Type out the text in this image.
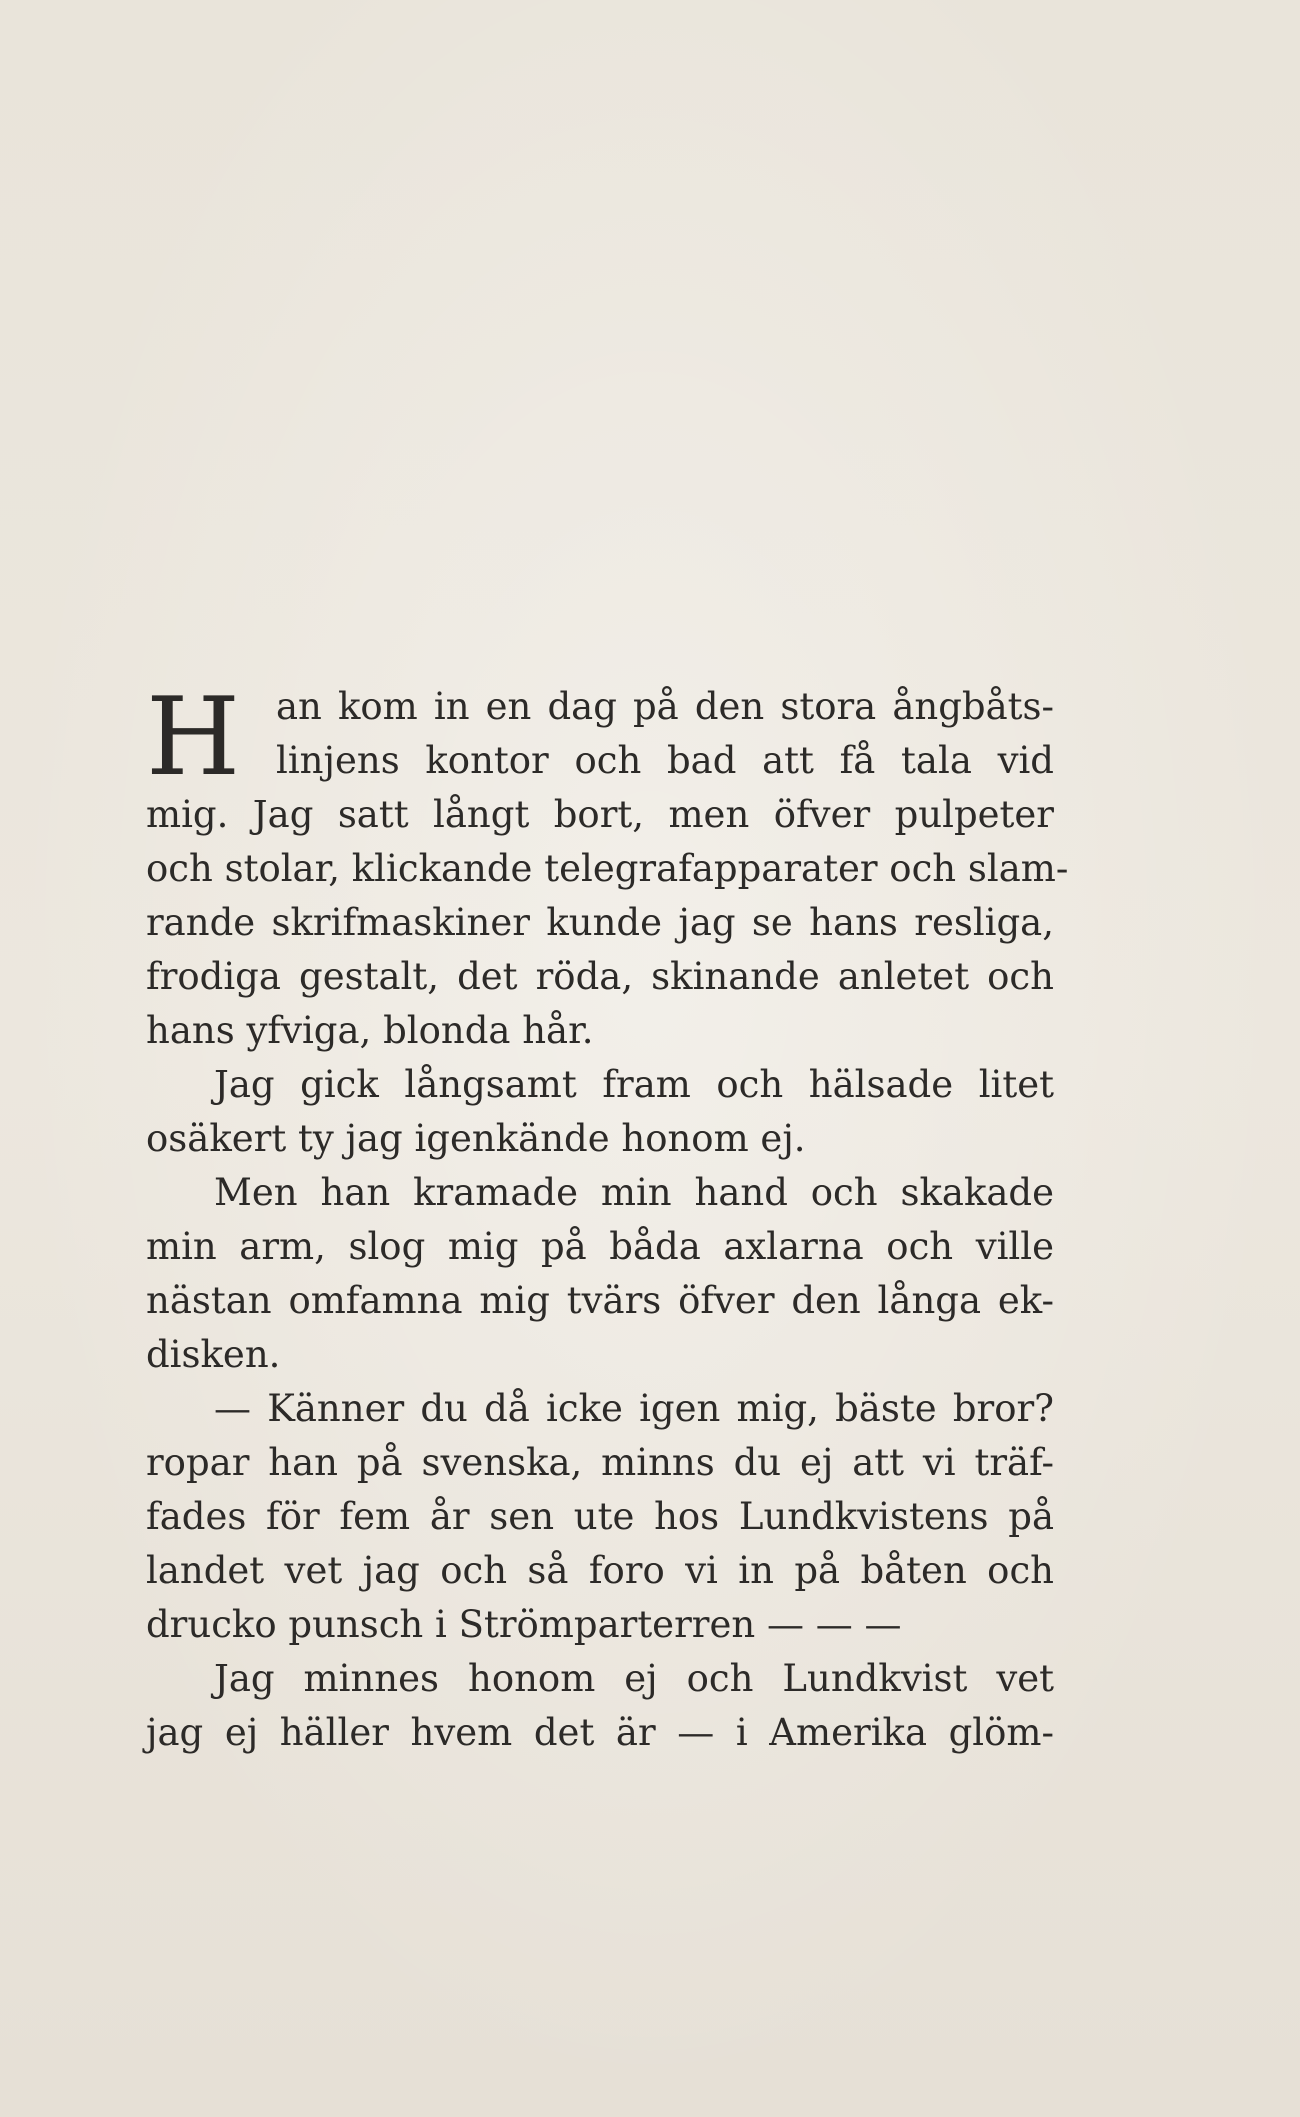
H an kom in en dag på den stora ångbåts-
linjens kontor och bad att få tala vid
mig. Jag satt långt bort, men öfver pulpeter
och stolar, klickande telegrafapparater och slam-
rande skrifmaskiner kunde jag se hans resliga,
frodiga gestalt, det röda, skinande anletet och
hans yfviga, blonda hår.
Jag gick långsamt fram och hälsade litet
osäkert ty jag igenkände honom ej.
Men han kramade min hand och skakade
min arm, slog mig på båda axlarna och ville
nästan omfamna mig tvärs öfver den långa ek-
disken.
— Känner du då icke igen mig, bäste bror?
ropar han på svenska, minns du ej att vi träf-
fades för fem år sen ute hos Lundkvistens på
landet vet jag och så foro vi in på båten och
drucko punsch i Strömparterren — — —
Jag minnes honom ej och Lundkvist vet
jag ej häller hvem det är — i Amerika glöm-
